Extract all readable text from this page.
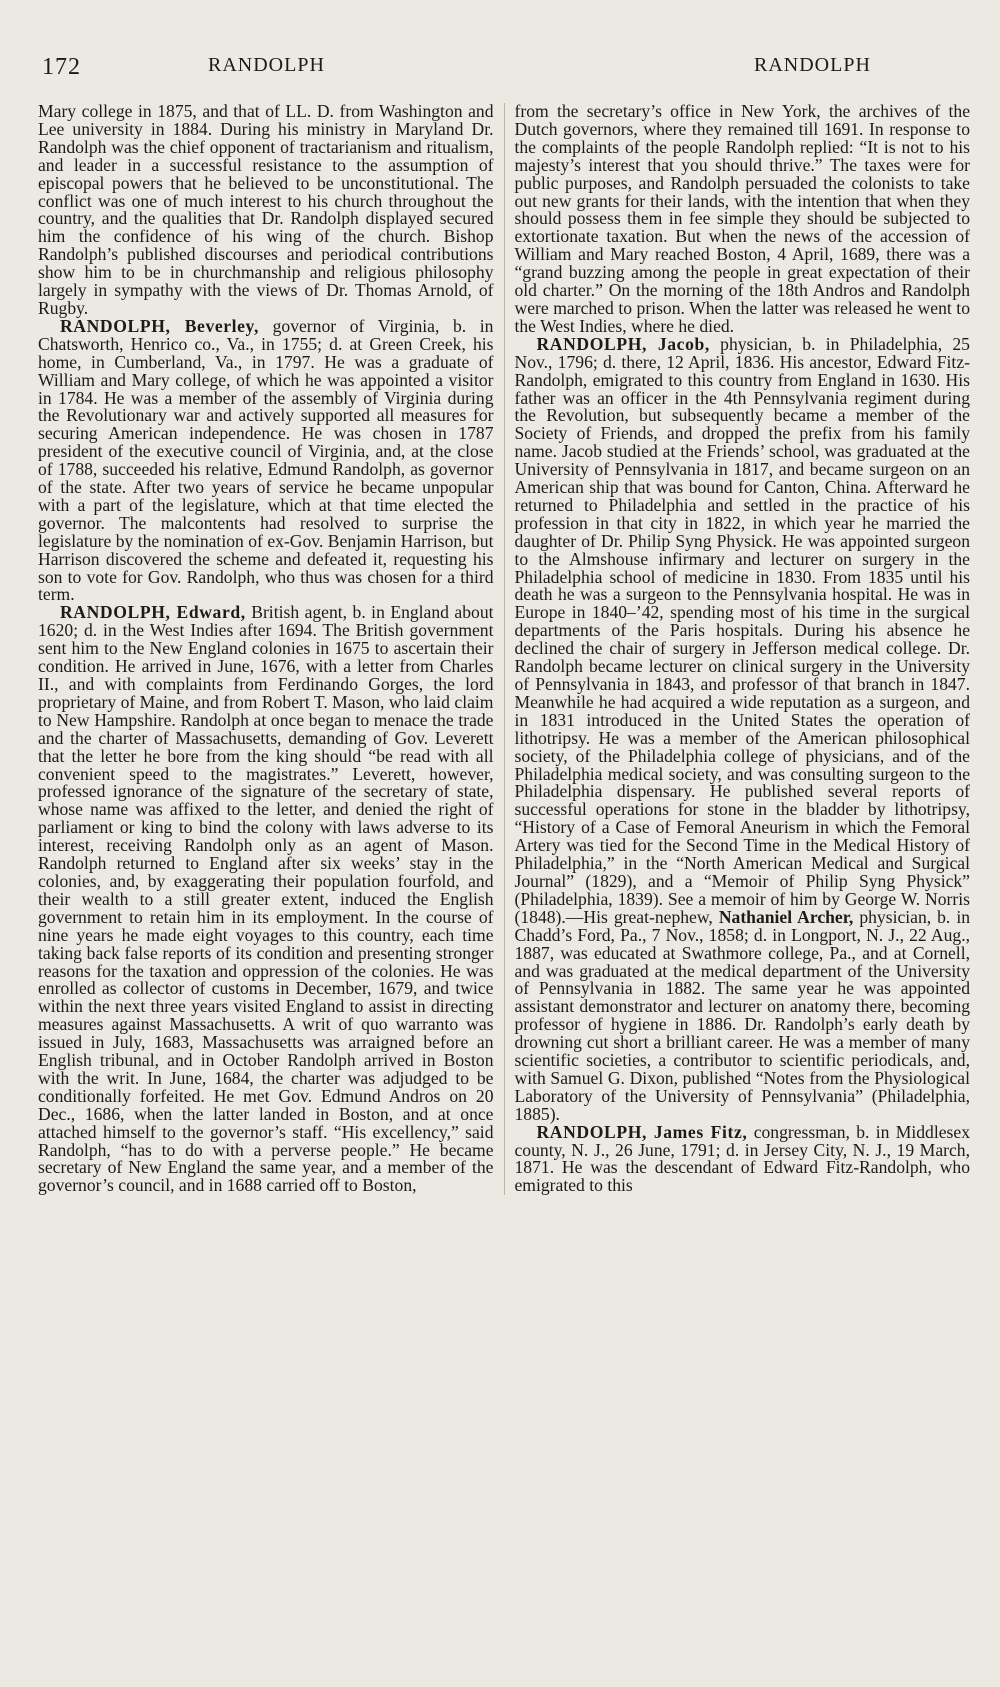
172	RANDOLPH	RANDOLPH

Mary college in 1875, and that of LL. D. from Washington and Lee university in 1884. During his ministry in Maryland Dr. Randolph was the chief opponent of tractarianism and ritualism, and leader in a successful resistance to the assumption of episcopal powers that he believed to be unconstitutional. The conflict was one of much interest to his church throughout the country, and the qualities that Dr. Randolph displayed secured him the confidence of his wing of the church. Bishop Randolph’s published discourses and periodical contributions show him to be in churchmanship and religious philosophy largely in sympathy with the views of Dr. Thomas Arnold, of Rugby.

RANDOLPH, Beverley, governor of Virginia, b. in Chatsworth, Henrico co., Va., in 1755; d. at Green Creek, his home, in Cumberland, Va., in 1797. He was a graduate of William and Mary college, of which he was appointed a visitor in 1784. He was a member of the assembly of Virginia during the Revolutionary war and actively supported all measures for securing American independence. He was chosen in 1787 president of the executive council of Virginia, and, at the close of 1788, succeeded his relative, Edmund Randolph, as governor of the state. After two years of service he became unpopular with a part of the legislature, which at that time elected the governor. The malcontents had resolved to surprise the legislature by the nomination of ex-Gov. Benjamin Harrison, but Harrison discovered the scheme and defeated it, requesting his son to vote for Gov. Randolph, who thus was chosen for a third term.

RANDOLPH, Edward, British agent, b. in England about 1620; d. in the West Indies after 1694. The British government sent him to the New England colonies in 1675 to ascertain their condition. He arrived in June, 1676, with a letter from Charles II., and with complaints from Ferdinando Gorges, the lord proprietary of Maine, and from Robert T. Mason, who laid claim to New Hampshire. Randolph at once began to menace the trade and the charter of Massachusetts, demanding of Gov. Leverett that the letter he bore from the king should “be read with all convenient speed to the magistrates.” Leverett, however, professed ignorance of the signature of the secretary of state, whose name was affixed to the letter, and denied the right of parliament or king to bind the colony with laws adverse to its interest, receiving Randolph only as an agent of Mason. Randolph returned to England after six weeks’ stay in the colonies, and, by exaggerating their population fourfold, and their wealth to a still greater extent, induced the English government to retain him in its employment. In the course of nine years he made eight voyages to this country, each time taking back false reports of its condition and presenting stronger reasons for the taxation and oppression of the colonies. He was enrolled as collector of customs in December, 1679, and twice within the next three years visited England to assist in directing measures against Massachusetts. A writ of quo warranto was issued in July, 1683, Massachusetts was arraigned before an English tribunal, and in October Randolph arrived in Boston with the writ. In June, 1684, the charter was adjudged to be conditionally forfeited. He met Gov. Edmund Andros on 20 Dec., 1686, when the latter landed in Boston, and at once attached himself to the governor’s staff. “His excellency,” said Randolph, “has to do with a perverse people.” He became secretary of New England the same year, and a member of the governor’s council, and in 1688 carried off to Boston,

from the secretary’s office in New York, the archives of the Dutch governors, where they remained till 1691. In response to the complaints of the people Randolph replied: “It is not to his majesty’s interest that you should thrive.” The taxes were for public purposes, and Randolph persuaded the colonists to take out new grants for their lands, with the intention that when they should possess them in fee simple they should be subjected to extortionate taxation. But when the news of the accession of William and Mary reached Boston, 4 April, 1689, there was a “grand buzzing among the people in great expectation of their old charter.” On the morning of the 18th Andros and Randolph were marched to prison. When the latter was released he went to the West Indies, where he died.

RANDOLPH, Jacob, physician, b. in Philadelphia, 25 Nov., 1796; d. there, 12 April, 1836. His ancestor, Edward Fitz-Randolph, emigrated to this country from England in 1630. His father was an officer in the 4th Pennsylvania regiment during the Revolution, but subsequently became a member of the Society of Friends, and dropped the prefix from his family name. Jacob studied at the Friends’ school, was graduated at the University of Pennsylvania in 1817, and became surgeon on an American ship that was bound for Canton, China. Afterward he returned to Philadelphia and settled in the practice of his profession in that city in 1822, in which year he married the daughter of Dr. Philip Syng Physick. He was appointed surgeon to the Almshouse infirmary and lecturer on surgery in the Philadelphia school of medicine in 1830. From 1835 until his death he was a surgeon to the Pennsylvania hospital. He was in Europe in 1840–’42, spending most of his time in the surgical departments of the Paris hospitals. During his absence he declined the chair of surgery in Jefferson medical college. Dr. Randolph became lecturer on clinical surgery in the University of Pennsylvania in 1843, and professor of that branch in 1847. Meanwhile he had acquired a wide reputation as a surgeon, and in 1831 introduced in the United States the operation of lithotripsy. He was a member of the American philosophical society, of the Philadelphia college of physicians, and of the Philadelphia medical society, and was consulting surgeon to the Philadelphia dispensary. He published several reports of successful operations for stone in the bladder by lithotripsy, “History of a Case of Femoral Aneurism in which the Femoral Artery was tied for the Second Time in the Medical History of Philadelphia,” in the “North American Medical and Surgical Journal” (1829), and a “Memoir of Philip Syng Physick” (Philadelphia, 1839). See a memoir of him by George W. Norris (1848).—His great-nephew, Nathaniel Archer, physician, b. in Chadd’s Ford, Pa., 7 Nov., 1858; d. in Longport, N. J., 22 Aug., 1887, was educated at Swathmore college, Pa., and at Cornell, and was graduated at the medical department of the University of Pennsylvania in 1882. The same year he was appointed assistant demonstrator and lecturer on anatomy there, becoming professor of hygiene in 1886. Dr. Randolph’s early death by drowning cut short a brilliant career. He was a member of many scientific societies, a contributor to scientific periodicals, and, with Samuel G. Dixon, published “Notes from the Physiological Laboratory of the University of Pennsylvania” (Philadelphia, 1885).

RANDOLPH, James Fitz, congressman, b. in Middlesex county, N. J., 26 June, 1791; d. in Jersey City, N. J., 19 March, 1871. He was the descendant of Edward Fitz-Randolph, who emigrated to this
